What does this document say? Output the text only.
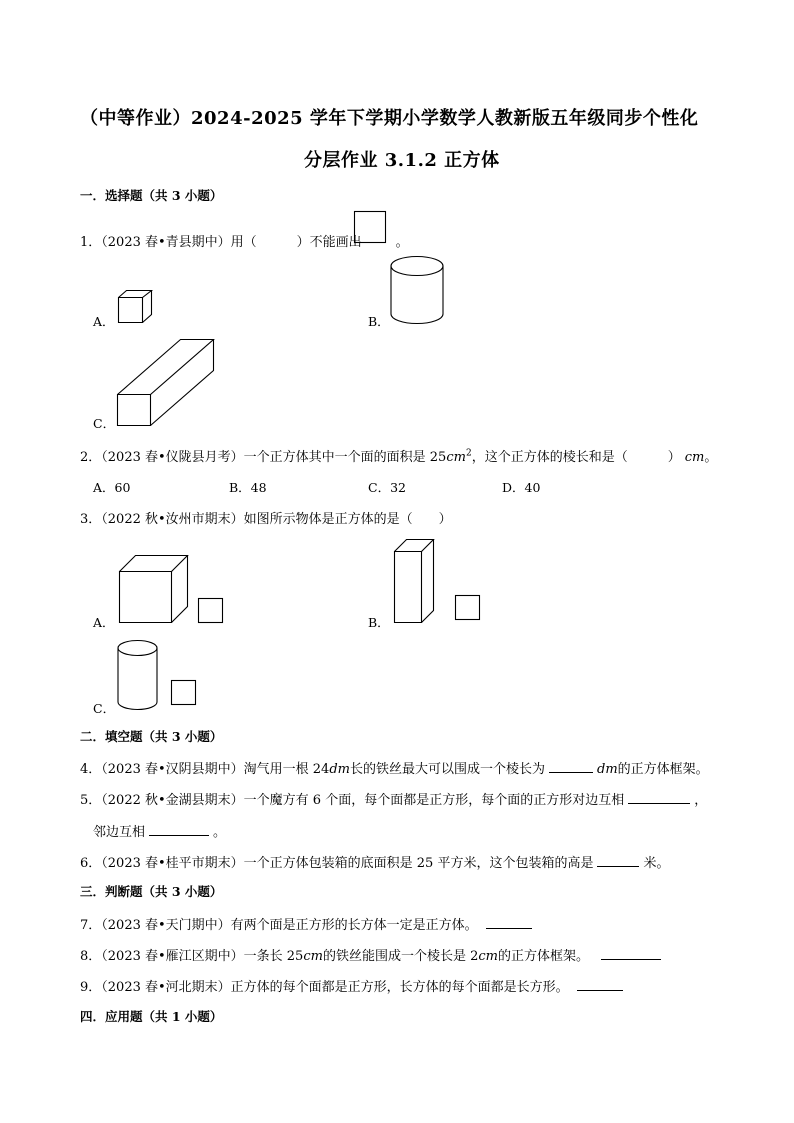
（中等作业）2024-2025 学年下学期小学数学人教新版五年级同步个性化
分层作业 3.1.2 正方体
一．选择题（共 3 小题）
1．（2023 春•青县期中）用（	）不能画出	。
A．	B．
C．
2．（2023 春•仪陇县月考）一个正方体其中一个面的面积是 $25cm^2$，这个正方体的棱长和是（	） cm。
A．60	B．48	C．32	D．40
3．（2022 秋•汝州市期末）如图所示物体是正方体的是（　　）
A．	B．
C．
二．填空题（共 3 小题）
4．（2023 春•汉阴县期中）淘气用一根 24dm长的铁丝最大可以围成一个棱长为	dm的正方体框架。
5．（2022 秋•金湖县期末）一个魔方有 6 个面，每个面都是正方形，每个面的正方形对边互相	，
邻边互相	。
6．（2023 春•桂平市期末）一个正方体包装箱的底面积是 25 平方米，这个包装箱的高是	米。
三．判断题（共 3 小题）
7．（2023 春•天门期中）有两个面是正方形的长方体一定是正方体。
8．（2023 春•雁江区期中）一条长 25cm的铁丝能围成一个棱长是 2cm的正方体框架。
9．（2023 春•河北期末）正方体的每个面都是正方形，长方体的每个面都是长方形。
四．应用题（共 1 小题）
